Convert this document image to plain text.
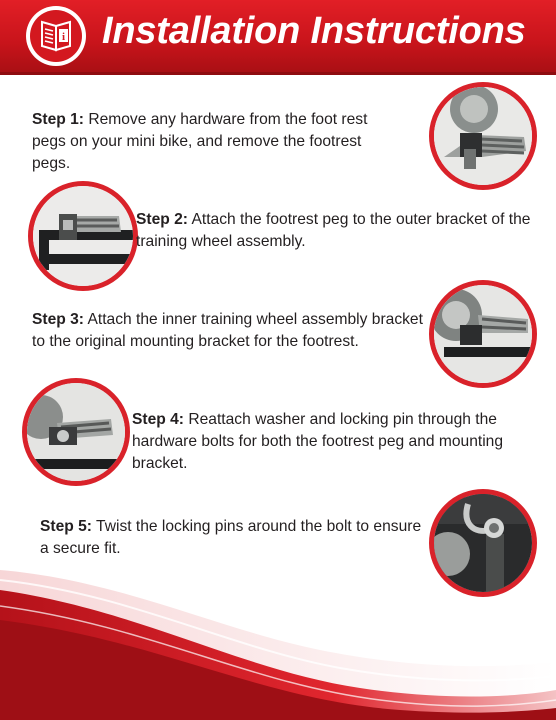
i Installation Instructions
Step 1: Remove any hardware from the foot rest pegs on your mini bike, and remove the footrest pegs.
Step 2: Attach the footrest peg to the outer bracket of the training wheel assembly.
Step 3: Attach the inner training wheel assembly bracket to the original mounting bracket for the footrest.
Step 4: Reattach washer and locking pin through the hardware bolts for both the footrest peg and mounting bracket.
Step 5: Twist the locking pins around the bolt to ensure a secure fit.
